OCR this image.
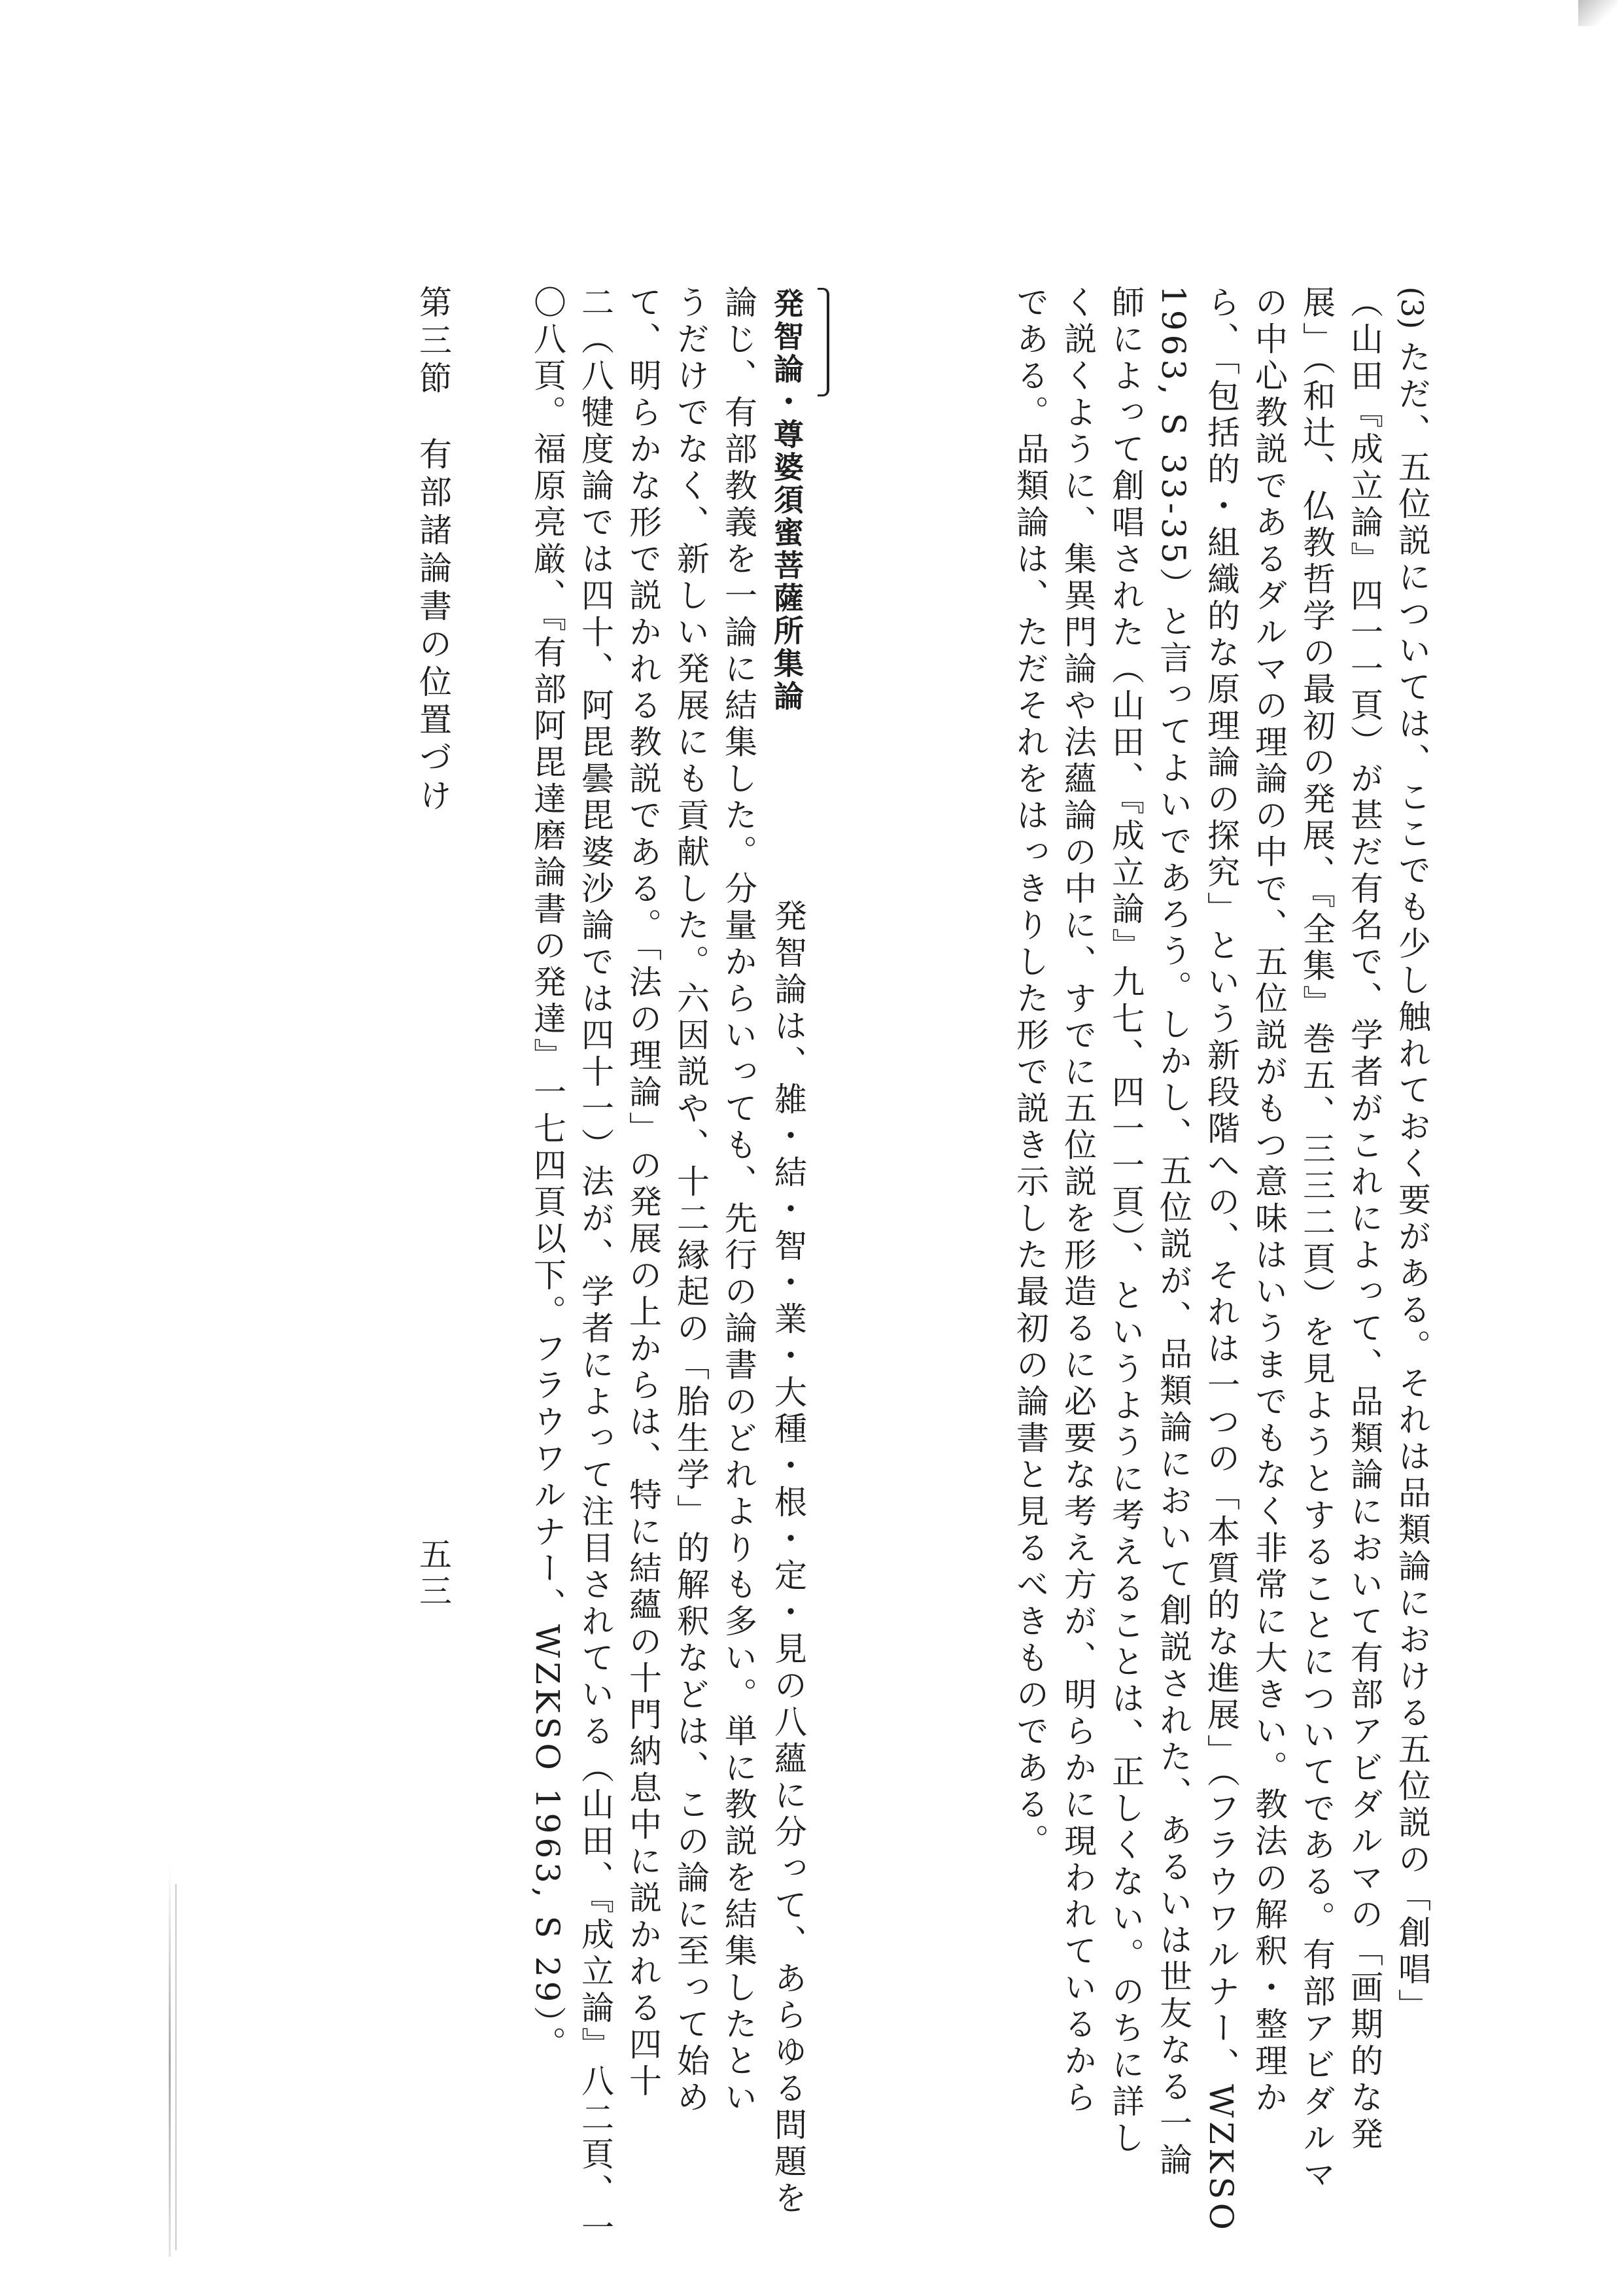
(3)
ただ、五位説については、ここでも少し触れておく要がある。それは品類論における五位説の「創唱」
（山田『成立論』四一一頁）が甚だ有名で、学者がこれによって、品類論において有部アビダルマの「画期的な発
展」（和辻、仏教哲学の最初の発展、『全集』巻五、三三二頁）を見ようとすることについてである。有部アビダルマ
の中心教説であるダルマの理論の中で、五位説がもつ意味はいうまでもなく非常に大きい。教法の解釈・整理か
ら、「包括的・組織的な原理論の探究」という新段階への、それは一つの「本質的な進展」（フラウワルナー、WZKSO
1963, S 33-35）と言ってよいであろう。しかし、五位説が、品類論において創説された、あるいは世友なる一論
師によって創唱された（山田、『成立論』九七、四一一頁）、というように考えることは、正しくない。のちに詳し
く説くように、集異門論や法蘊論の中に、すでに五位説を形造るに必要な考え方が、明らかに現われているから
である。品類論は、ただそれをはっきりした形で説き示した最初の論書と見るべきものである。
発智論・尊婆須蜜菩薩所集論
　　　　発智論は、雑・結・智・業・大種・根・定・見の八蘊に分って、あらゆる問題を
論じ、有部教義を一論に結集した。分量からいっても、先行の論書のどれよりも多い。単に教説を結集したとい
うだけでなく、新しい発展にも貢献した。六因説や、十二縁起の「胎生学」的解釈などは、この論に至って始め
て、明らかな形で説かれる教説である。「法の理論」の発展の上からは、特に結蘊の十門納息中に説かれる四十
二（八犍度論では四十、阿毘曇毘婆沙論では四十一）法が、学者によって注目されている（山田、『成立論』八二頁、一
〇八頁。福原亮厳、『有部阿毘達磨論書の発達』一七四頁以下。フラウワルナー、WZKSO 1963, S 29）。
第三節　有部諸論書の位置づけ
五三
